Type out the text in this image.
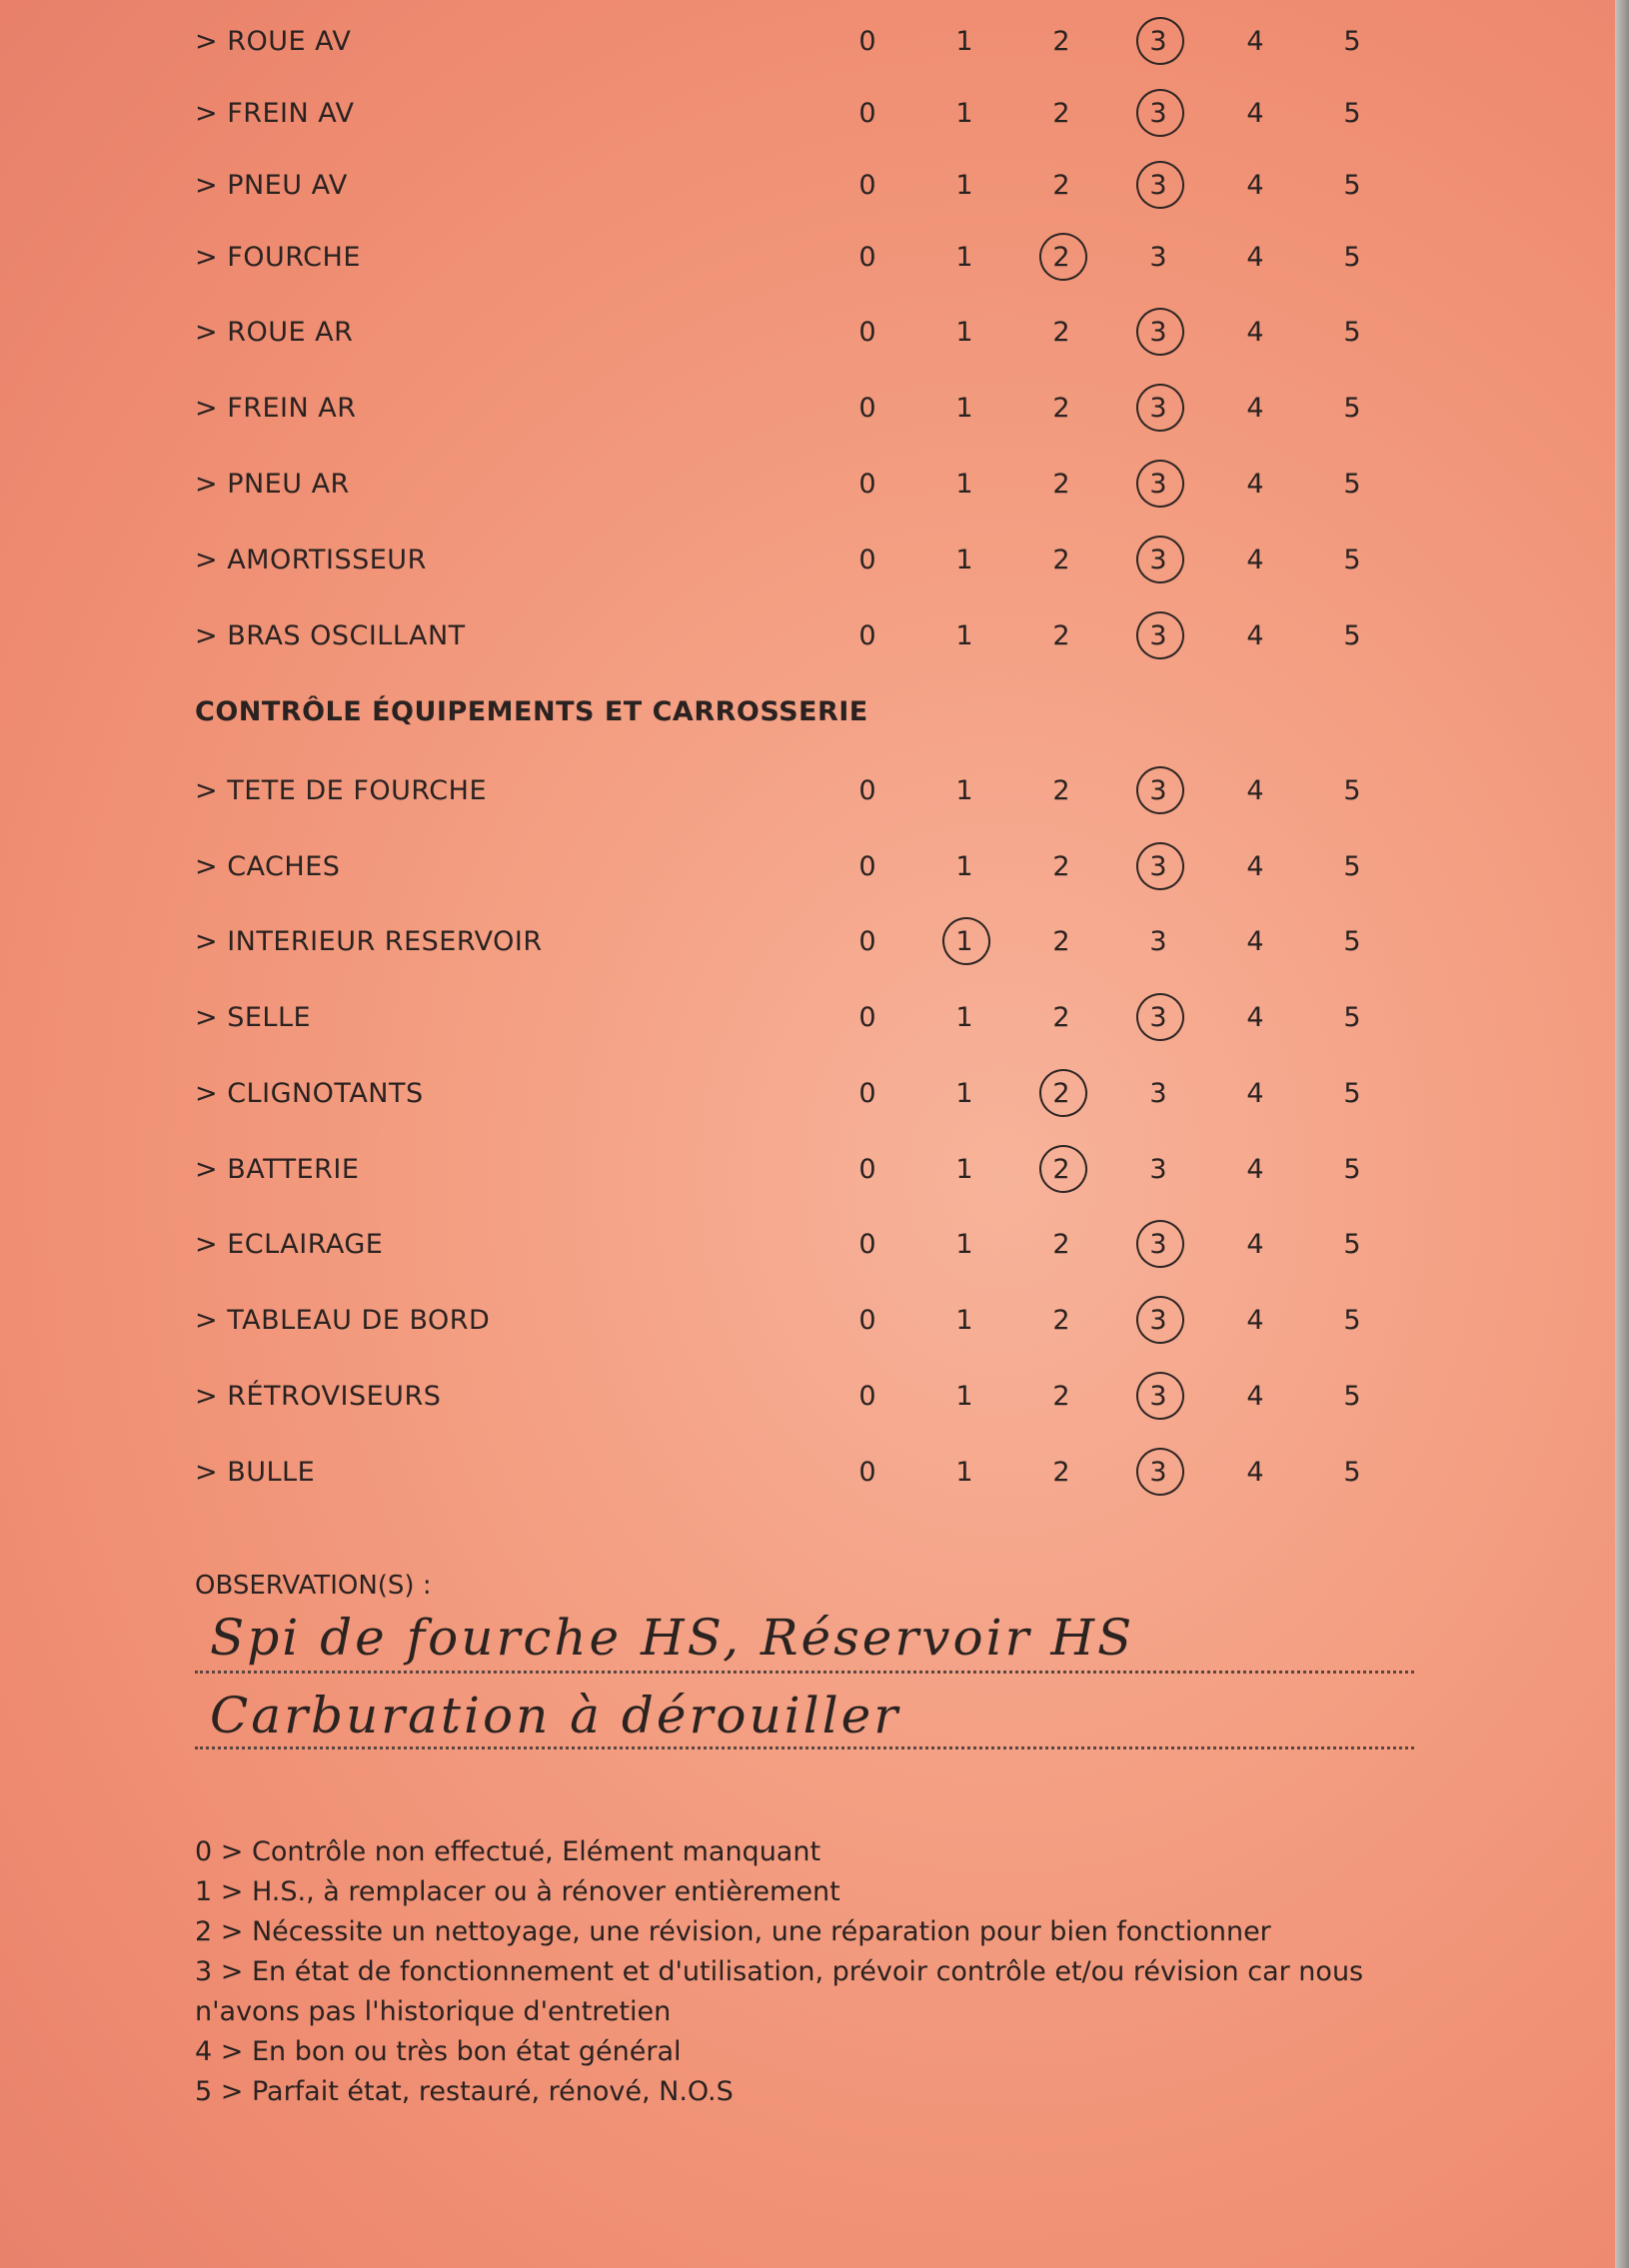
> ROUE AV	0	1	2	3	4	5
> FREIN AV	0	1	2	3	4	5
> PNEU AV	0	1	2	3	4	5
> FOURCHE	0	1	2	3	4	5
> ROUE AR	0	1	2	3	4	5
> FREIN AR	0	1	2	3	4	5
> PNEU AR	0	1	2	3	4	5
> AMORTISSEUR	0	1	2	3	4	5
> BRAS OSCILLANT	0	1	2	3	4	5
CONTRÔLE ÉQUIPEMENTS ET CARROSSERIE
> TETE DE FOURCHE	0	1	2	3	4	5
> CACHES	0	1	2	3	4	5
> INTERIEUR RESERVOIR	0	1	2	3	4	5
> SELLE	0	1	2	3	4	5
> CLIGNOTANTS	0	1	2	3	4	5
> BATTERIE	0	1	2	3	4	5
> ECLAIRAGE	0	1	2	3	4	5
> TABLEAU DE BORD	0	1	2	3	4	5
> RÉTROVISEURS	0	1	2	3	4	5
> BULLE	0	1	2	3	4	5
OBSERVATION(S) :
Spi de fourche HS, Réservoir HS
Carburation à dérouiller
0 > Contrôle non effectué, Elément manquant
1 > H.S., à remplacer ou à rénover entièrement
2 > Nécessite un nettoyage, une révision, une réparation pour bien fonctionner
3 > En état de fonctionnement et d'utilisation, prévoir contrôle et/ou révision car nous
n'avons pas l'historique d'entretien
4 > En bon ou très bon état général
5 > Parfait état, restauré, rénové, N.O.S
